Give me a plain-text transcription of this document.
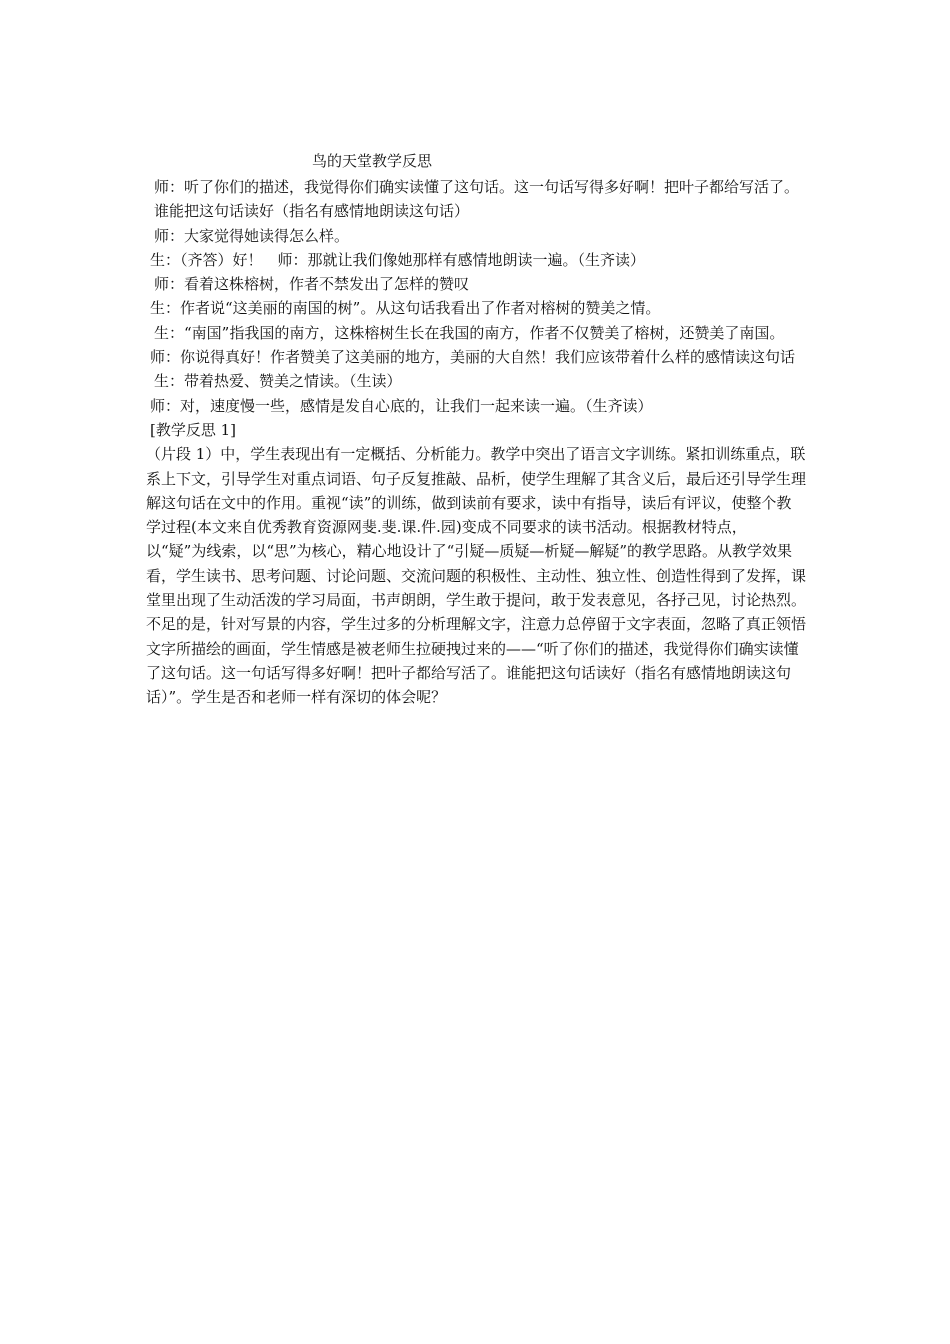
鸟的天堂教学反思

师：听了你们的描述，我觉得你们确实读懂了这句话。这一句话写得多好啊！把叶子都给写活了。谁能把这句话读好（指名有感情地朗读这句话）

师：大家觉得她读得怎么样。

生：（齐答）好！　师：那就让我们像她那样有感情地朗读一遍。（生齐读）

师：看着这株榕树，作者不禁发出了怎样的赞叹

生：作者说“这美丽的南国的树”。从这句话我看出了作者对榕树的赞美之情。

生：“南国”指我国的南方，这株榕树生长在我国的南方，作者不仅赞美了榕树，还赞美了南国。

师：你说得真好！作者赞美了这美丽的地方，美丽的大自然！我们应该带着什么样的感情读这句话

生：带着热爱、赞美之情读。（生读）

师：对，速度慢一些，感情是发自心底的，让我们一起来读一遍。（生齐读）

[教学反思 1]

（片段 1）中，学生表现出有一定概括、分析能力。教学中突出了语言文字训练。紧扣训练重点，联系上下文，引导学生对重点词语、句子反复推敲、品析，使学生理解了其含义后，最后还引导学生理解这句话在文中的作用。重视“读”的训练，做到读前有要求，读中有指导，读后有评议，使整个教学过程(本文来自优秀教育资源网斐.斐.课.件.园)变成不同要求的读书活动。根据教材特点，以“疑”为线索，以“思”为核心，精心地设计了“引疑—质疑—析疑—解疑”的教学思路。从教学效果看，学生读书、思考问题、讨论问题、交流问题的积极性、主动性、独立性、创造性得到了发挥，课堂里出现了生动活泼的学习局面，书声朗朗，学生敢于提问，敢于发表意见，各抒己见，讨论热烈。不足的是，针对写景的内容，学生过多的分析理解文字，注意力总停留于文字表面，忽略了真正领悟文字所描绘的画面，学生情感是被老师生拉硬拽过来的——“听了你们的描述，我觉得你们确实读懂了这句话。这一句话写得多好啊！把叶子都给写活了。谁能把这句话读好（指名有感情地朗读这句话）”。学生是否和老师一样有深切的体会呢？
